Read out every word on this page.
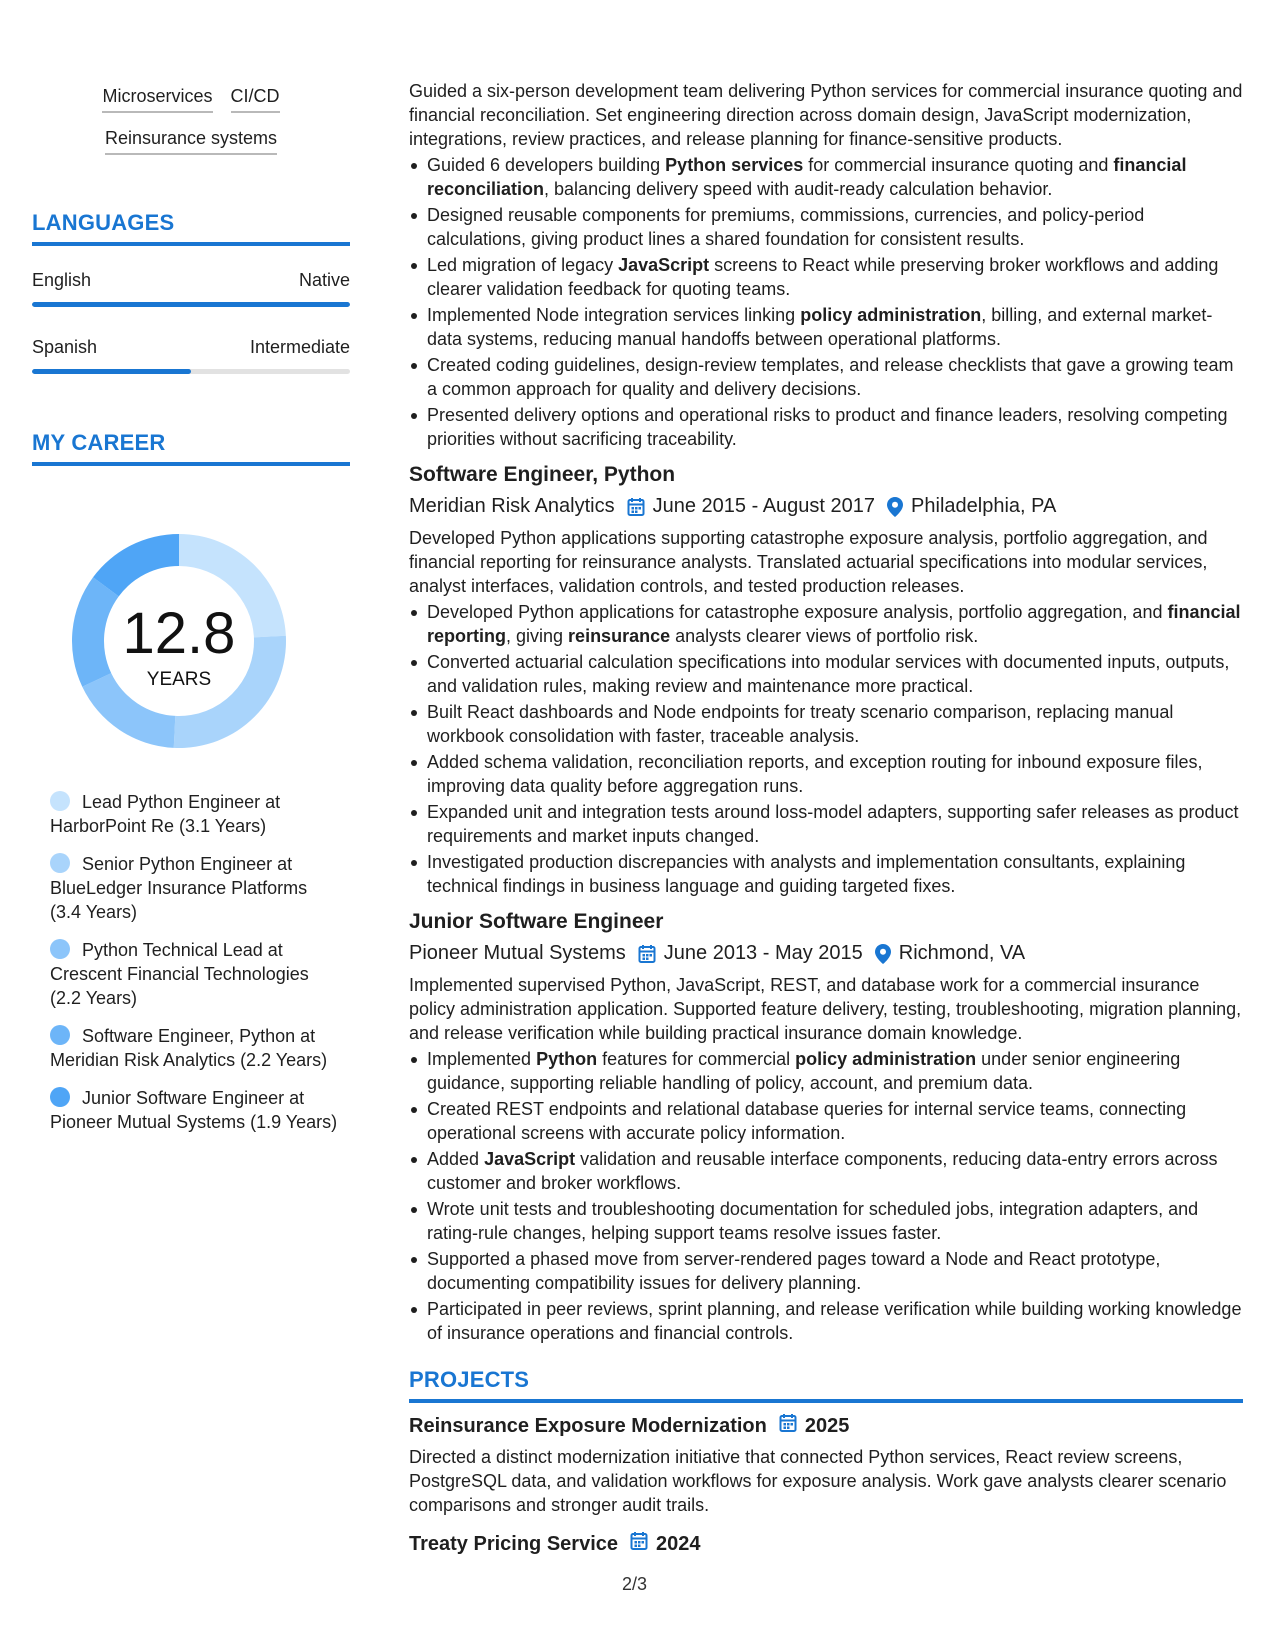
Microservices CI/CD
Reinsurance systems
LANGUAGES
English	Native
Spanish	Intermediate
MY CAREER
12.8
YEARS
Lead Python Engineer at HarborPoint Re (3.1 Years)
Senior Python Engineer at BlueLedger Insurance Platforms (3.4 Years)
Python Technical Lead at Crescent Financial Technologies (2.2 Years)
Software Engineer, Python at Meridian Risk Analytics (2.2 Years)
Junior Software Engineer at Pioneer Mutual Systems (1.9 Years)

Guided a six-person development team delivering Python services for commercial insurance quoting and financial reconciliation. Set engineering direction across domain design, JavaScript modernization, integrations, review practices, and release planning for finance-sensitive products.

Guided 6 developers building Python services for commercial insurance quoting and financial reconciliation, balancing delivery speed with audit-ready calculation behavior.
Designed reusable components for premiums, commissions, currencies, and policy-period calculations, giving product lines a shared foundation for consistent results.
Led migration of legacy JavaScript screens to React while preserving broker workflows and adding clearer validation feedback for quoting teams.
Implemented Node integration services linking policy administration, billing, and external market-data systems, reducing manual handoffs between operational platforms.
Created coding guidelines, design-review templates, and release checklists that gave a growing team a common approach for quality and delivery decisions.
Presented delivery options and operational risks to product and finance leaders, resolving competing priorities without sacrificing traceability.
Software Engineer, Python
Meridian Risk Analytics June 2015 - August 2017 Philadelphia, PA

Developed Python applications supporting catastrophe exposure analysis, portfolio aggregation, and financial reporting for reinsurance analysts. Translated actuarial specifications into modular services, analyst interfaces, validation controls, and tested production releases.

Developed Python applications for catastrophe exposure analysis, portfolio aggregation, and financial reporting, giving reinsurance analysts clearer views of portfolio risk.
Converted actuarial calculation specifications into modular services with documented inputs, outputs, and validation rules, making review and maintenance more practical.
Built React dashboards and Node endpoints for treaty scenario comparison, replacing manual workbook consolidation with faster, traceable analysis.
Added schema validation, reconciliation reports, and exception routing for inbound exposure files, improving data quality before aggregation runs.
Expanded unit and integration tests around loss-model adapters, supporting safer releases as product requirements and market inputs changed.
Investigated production discrepancies with analysts and implementation consultants, explaining technical findings in business language and guiding targeted fixes.
Junior Software Engineer
Pioneer Mutual Systems June 2013 - May 2015 Richmond, VA

Implemented supervised Python, JavaScript, REST, and database work for a commercial insurance policy administration application. Supported feature delivery, testing, troubleshooting, migration planning, and release verification while building practical insurance domain knowledge.

Implemented Python features for commercial policy administration under senior engineering guidance, supporting reliable handling of policy, account, and premium data.
Created REST endpoints and relational database queries for internal service teams, connecting operational screens with accurate policy information.
Added JavaScript validation and reusable interface components, reducing data-entry errors across customer and broker workflows.
Wrote unit tests and troubleshooting documentation for scheduled jobs, integration adapters, and rating-rule changes, helping support teams resolve issues faster.
Supported a phased move from server-rendered pages toward a Node and React prototype, documenting compatibility issues for delivery planning.
Participated in peer reviews, sprint planning, and release verification while building working knowledge of insurance operations and financial controls.
PROJECTS
Reinsurance Exposure Modernization 2025

Directed a distinct modernization initiative that connected Python services, React review screens, PostgreSQL data, and validation workflows for exposure analysis. Work gave analysts clearer scenario comparisons and stronger audit trails.

Treaty Pricing Service 2024
2/3
